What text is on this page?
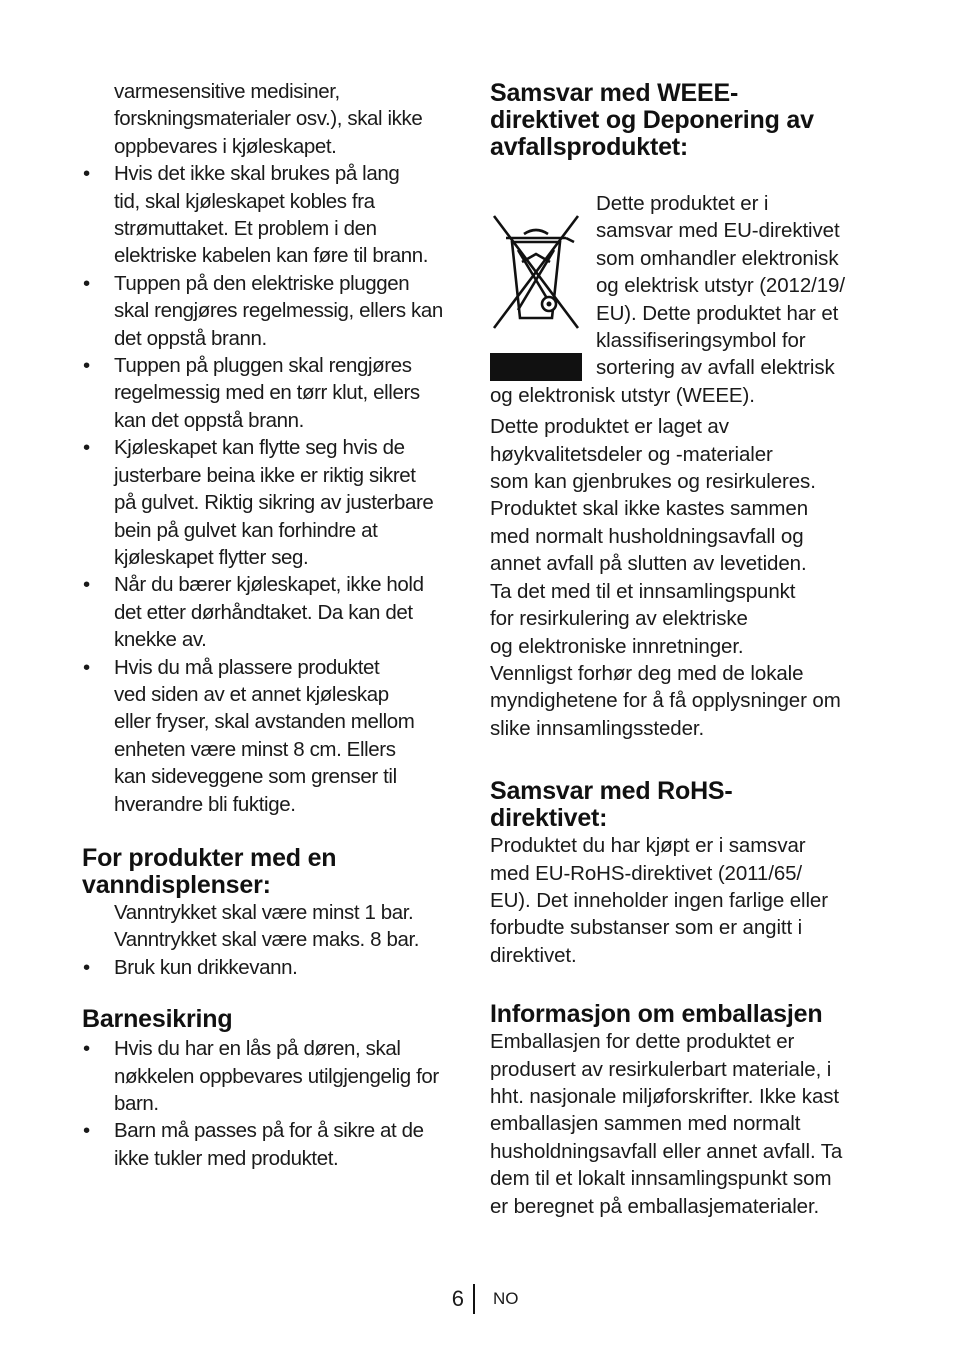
varmesensitive medisiner,
forskningsmaterialer osv.), skal ikke
oppbevares i kjøleskapet.
• Hvis det ikke skal brukes på lang
tid, skal kjøleskapet kobles fra
strømuttaket. Et problem i den
elektriske kabelen kan føre til brann.
• Tuppen på den elektriske pluggen
skal rengjøres regelmessig, ellers kan
det oppstå brann.
• Tuppen på pluggen skal rengjøres
regelmessig med en tørr klut, ellers
kan det oppstå brann.
• Kjøleskapet kan flytte seg hvis de
justerbare beina ikke er riktig sikret
på gulvet. Riktig sikring av justerbare
bein på gulvet kan forhindre at
kjøleskapet flytter seg.
• Når du bærer kjøleskapet, ikke hold
det etter dørhåndtaket. Da kan det
knekke av.
• Hvis du må plassere produktet
ved siden av et annet kjøleskap
eller fryser, skal avstanden mellom
enheten være minst 8 cm. Ellers
kan sideveggene som grenser til
hverandre bli fuktige.
For produkter med en
vanndisplenser:
Vanntrykket skal være minst 1 bar.
Vanntrykket skal være maks. 8 bar.
• Bruk kun drikkevann.
Barnesikring
• Hvis du har en lås på døren, skal
nøkkelen oppbevares utilgjengelig for
barn.
• Barn må passes på for å sikre at de
ikke tukler med produktet.
Samsvar med WEEE-
direktivet og Deponering av
avfallsproduktet:
Dette produktet er i
samsvar med EU-direktivet
som omhandler elektronisk
og elektrisk utstyr (2012/19/
EU). Dette produktet har et
klassifiseringsymbol for
sortering av avfall elektrisk
og elektronisk utstyr (WEEE).
Dette produktet er laget av
høykvalitetsdeler og -materialer
som kan gjenbrukes og resirkuleres.
Produktet skal ikke kastes sammen
med normalt husholdningsavfall og
annet avfall på slutten av levetiden.
Ta det med til et innsamlingspunkt
for resirkulering av elektriske
og elektroniske innretninger.
Vennligst forhør deg med de lokale
myndighetene for å få opplysninger om
slike innsamlingssteder.
Samsvar med RoHS-
direktivet:
Produktet du har kjøpt er i samsvar
med EU-RoHS-direktivet (2011/65/
EU). Det inneholder ingen farlige eller
forbudte substanser som er angitt i
direktivet.
Informasjon om emballasjen
Emballasjen for dette produktet er
produsert av resirkulerbart materiale, i
hht. nasjonale miljøforskrifter. Ikke kast
emballasjen sammen med normalt
husholdningsavfall eller annet avfall. Ta
dem til et lokalt innsamlingspunkt som
er beregnet på emballasjematerialer.
6 NO
